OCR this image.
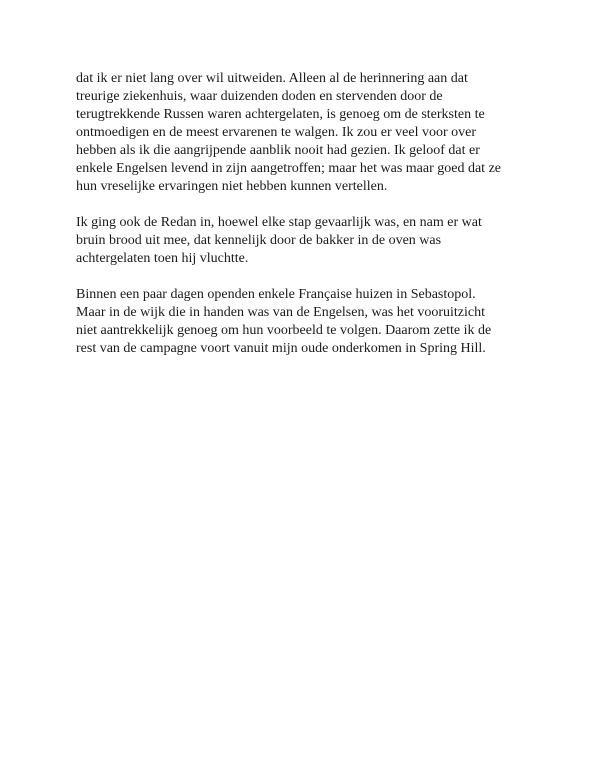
dat ik er niet lang over wil uitweiden. Alleen al de herinnering aan dat
treurige ziekenhuis, waar duizenden doden en stervenden door de
terugtrekkende Russen waren achtergelaten, is genoeg om de sterksten te
ontmoedigen en de meest ervarenen te walgen. Ik zou er veel voor over
hebben als ik die aangrijpende aanblik nooit had gezien. Ik geloof dat er
enkele Engelsen levend in zijn aangetroffen; maar het was maar goed dat ze
hun vreselijke ervaringen niet hebben kunnen vertellen.

Ik ging ook de Redan in, hoewel elke stap gevaarlijk was, en nam er wat
bruin brood uit mee, dat kennelijk door de bakker in de oven was
achtergelaten toen hij vluchtte.

Binnen een paar dagen openden enkele Française huizen in Sebastopol.
Maar in de wijk die in handen was van de Engelsen, was het vooruitzicht
niet aantrekkelijk genoeg om hun voorbeeld te volgen. Daarom zette ik de
rest van de campagne voort vanuit mijn oude onderkomen in Spring Hill.
